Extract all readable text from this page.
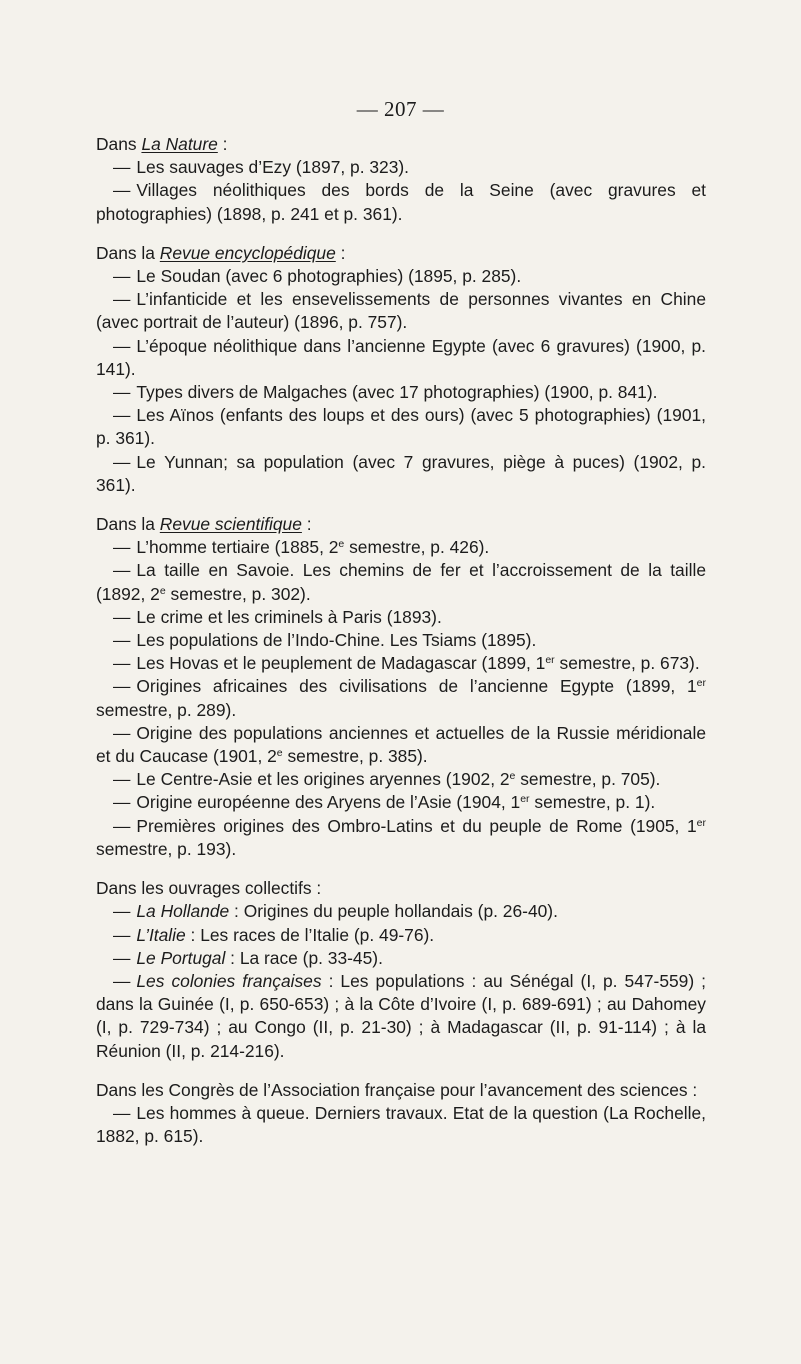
— 207 —

Dans La Nature :

— Les sauvages d’Ezy (1897, p. 323).

— Villages néolithiques des bords de la Seine (avec gravures et photographies) (1898, p. 241 et p. 361).

Dans la Revue encyclopédique :

— Le Soudan (avec 6 photographies) (1895, p. 285).

— L’infanticide et les ensevelissements de personnes vivantes en Chine (avec portrait de l’auteur) (1896, p. 757).

— L’époque néolithique dans l’ancienne Egypte (avec 6 gravures) (1900, p. 141).

— Types divers de Malgaches (avec 17 photographies) (1900, p. 841).

— Les Aïnos (enfants des loups et des ours) (avec 5 photographies) (1901, p. 361).

— Le Yunnan; sa population (avec 7 gravures, piège à puces) (1902, p. 361).

Dans la Revue scientifique :

— L’homme tertiaire (1885, 2e semestre, p. 426).

— La taille en Savoie. Les chemins de fer et l’accroissement de la taille (1892, 2e semestre, p. 302).

— Le crime et les criminels à Paris (1893).

— Les populations de l’Indo-Chine. Les Tsiams (1895).

— Les Hovas et le peuplement de Madagascar (1899, 1er semestre, p. 673).

— Origines africaines des civilisations de l’ancienne Egypte (1899, 1er semestre, p. 289).

— Origine des populations anciennes et actuelles de la Russie méridionale et du Caucase (1901, 2e semestre, p. 385).

— Le Centre-Asie et les origines aryennes (1902, 2e semestre, p. 705).

— Origine européenne des Aryens de l’Asie (1904, 1er semestre, p. 1).

— Premières origines des Ombro-Latins et du peuple de Rome (1905, 1er semestre, p. 193).

Dans les ouvrages collectifs :

— La Hollande : Origines du peuple hollandais (p. 26-40).

— L’Italie : Les races de l’Italie (p. 49-76).

— Le Portugal : La race (p. 33-45).

— Les colonies françaises : Les populations : au Sénégal (I, p. 547-559) ; dans la Guinée (I, p. 650-653) ; à la Côte d’Ivoire (I, p. 689-691) ; au Dahomey (I, p. 729-734) ; au Congo (II, p. 21-30) ; à Madagascar (II, p. 91-114) ; à la Réunion (II, p. 214-216).

Dans les Congrès de l’Association française pour l’avancement des sciences :

— Les hommes à queue. Derniers travaux. Etat de la question (La Rochelle, 1882, p. 615).
